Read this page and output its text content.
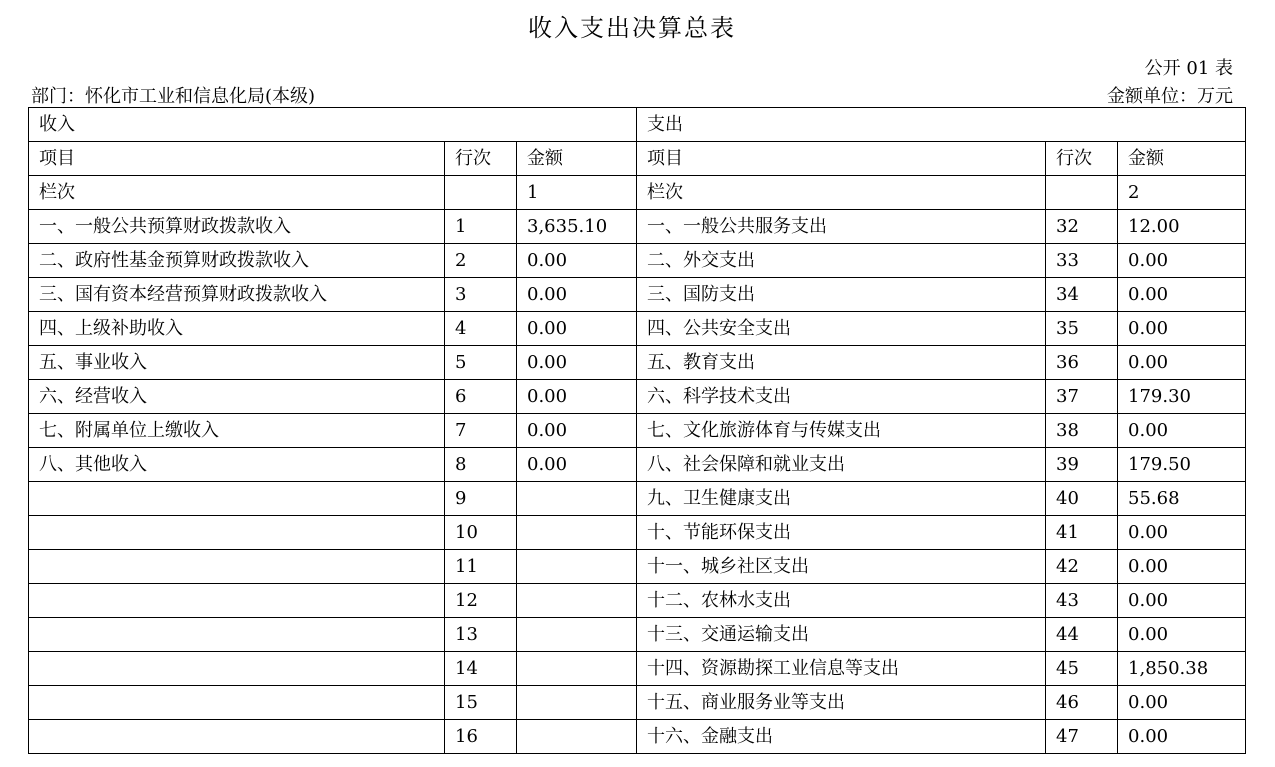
收入支出决算总表
公开 01 表
部门：怀化市工业和信息化局(本级)	金额单位：万元
收入			支出		
项目	行次	金额	项目	行次	金额
栏次		1	栏次		2
一、一般公共预算财政拨款收入	1	3,635.10	一、一般公共服务支出	32	12.00
二、政府性基金预算财政拨款收入	2	0.00	二、外交支出	33	0.00
三、国有资本经营预算财政拨款收入	3	0.00	三、国防支出	34	0.00
四、上级补助收入	4	0.00	四、公共安全支出	35	0.00
五、事业收入	5	0.00	五、教育支出	36	0.00
六、经营收入	6	0.00	六、科学技术支出	37	179.30
七、附属单位上缴收入	7	0.00	七、文化旅游体育与传媒支出	38	0.00
八、其他收入	8	0.00	八、社会保障和就业支出	39	179.50
	9		九、卫生健康支出	40	55.68
	10		十、节能环保支出	41	0.00
	11		十一、城乡社区支出	42	0.00
	12		十二、农林水支出	43	0.00
	13		十三、交通运输支出	44	0.00
	14		十四、资源勘探工业信息等支出	45	1,850.38
	15		十五、商业服务业等支出	46	0.00
	16		十六、金融支出	47	0.00
